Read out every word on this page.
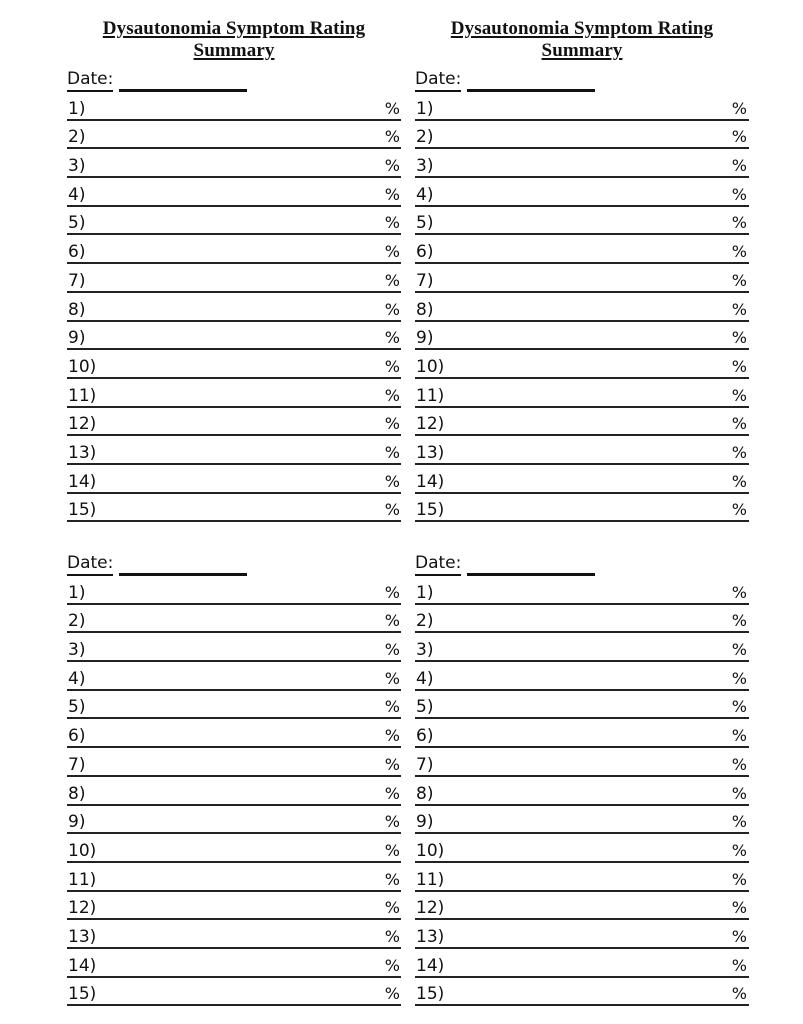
Dysautonomia Symptom Rating
Summary
Date:
1)	%
2)	%
3)	%
4)	%
5)	%
6)	%
7)	%
8)	%
9)	%
10)	%
11)	%
12)	%
13)	%
14)	%
15)	%
Date:
1)	%
2)	%
3)	%
4)	%
5)	%
6)	%
7)	%
8)	%
9)	%
10)	%
11)	%
12)	%
13)	%
14)	%
15)	%
Dysautonomia Symptom Rating
Summary
Date:
1)	%
2)	%
3)	%
4)	%
5)	%
6)	%
7)	%
8)	%
9)	%
10)	%
11)	%
12)	%
13)	%
14)	%
15)	%
Date:
1)	%
2)	%
3)	%
4)	%
5)	%
6)	%
7)	%
8)	%
9)	%
10)	%
11)	%
12)	%
13)	%
14)	%
15)	%
